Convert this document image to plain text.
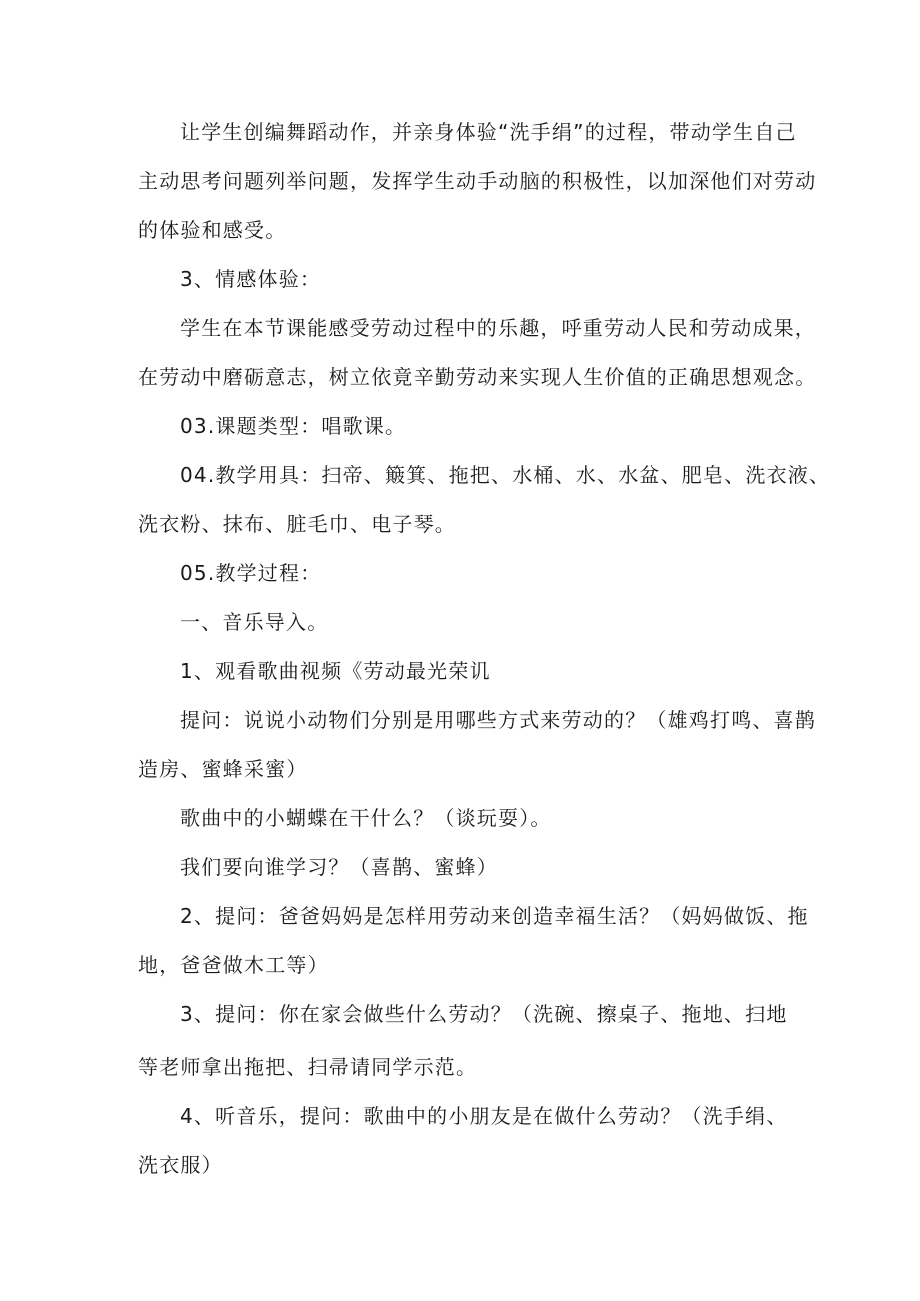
让学生创编舞蹈动作，并亲身体验“洗手绢”的过程，带动学生自己
主动思考问题列举问题，发挥学生动手动脑的积极性，以加深他们对劳动
的体验和感受。
3、情感体验：
学生在本节课能感受劳动过程中的乐趣，呼重劳动人民和劳动成果，
在劳动中磨砺意志，树立依竟辛勤劳动来实现人生价值的正确思想观念。
03.课题类型：唱歌课。
04.教学用具：扫帝、簸箕、拖把、水桶、水、水盆、肥皂、洗衣液、
洗衣粉、抹布、脏毛巾、电子琴。
05.教学过程：
一、音乐导入。
1、观看歌曲视频《劳动最光荣讥
提问：说说小动物们分别是用哪些方式来劳动的？（雄鸡打鸣、喜鹊
造房、蜜蜂采蜜）
歌曲中的小蝴蝶在干什么？（谈玩耍）。
我们要向谁学习？（喜鹊、蜜蜂）
2、提问：爸爸妈妈是怎样用劳动来创造幸福生活？（妈妈做饭、拖
地，爸爸做木工等）
3、提问：你在家会做些什么劳动？（洗碗、擦桌子、拖地、扫地
等老师拿出拖把、扫帚请同学示范。
4、听音乐，提问：歌曲中的小朋友是在做什么劳动？（洗手绢、
洗衣服）
